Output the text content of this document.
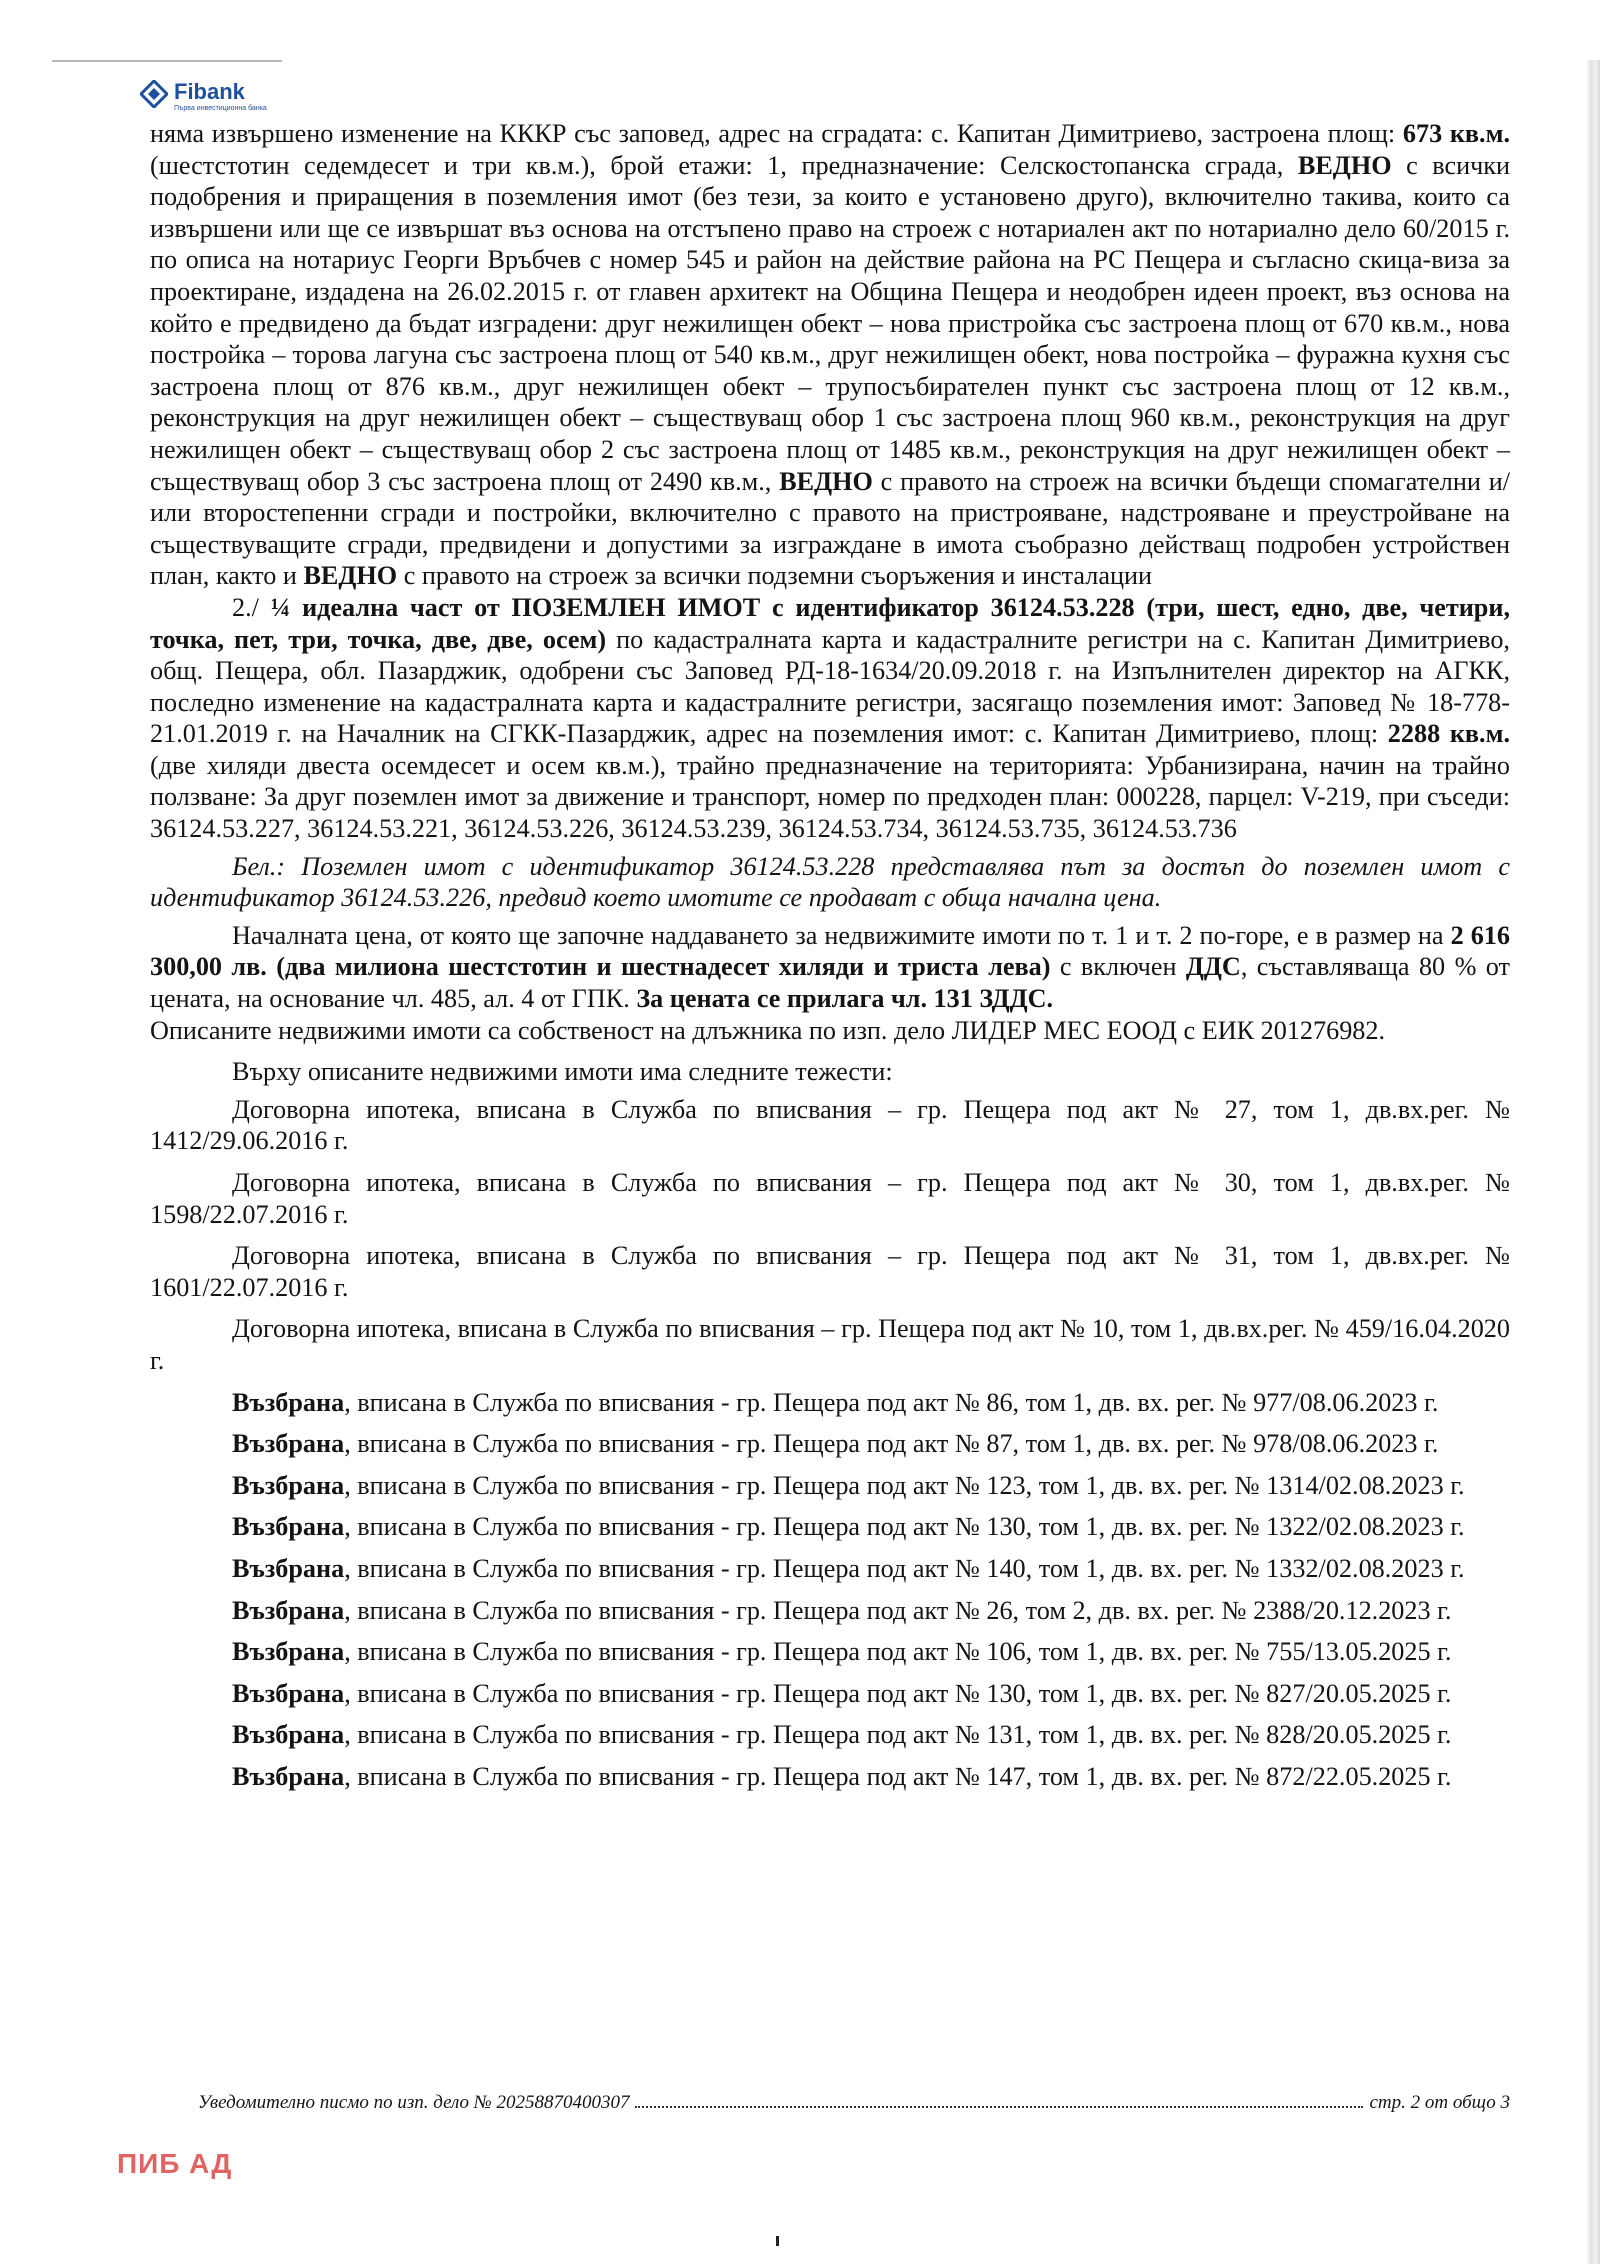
Fibank
Първа инвестиционна банка

няма извършено изменение на КККР със заповед, адрес на сградата: с. Капитан Димитриево, застроена площ: 673 кв.м. (шестстотин седемдесет и три кв.м.), брой етажи: 1, предназначение: Селскостопанска сграда, ВЕДНО с всички подобрения и приращения в поземления имот (без тези, за които е установено друго), включително такива, които са извършени или ще се извършат въз основа на отстъпено право на строеж с нотариален акт по нотариално дело 60/2015 г. по описа на нотариус Георги Връбчев с номер 545 и район на действие района на РС Пещера и съгласно скица-виза за проектиране, издадена на 26.02.2015 г. от главен архитект на Община Пещера и неодобрен идеен проект, въз основа на който е предвидено да бъдат изградени: друг нежилищен обект – нова пристройка със застроена площ от 670 кв.м., нова постройка – торова лагуна със застроена площ от 540 кв.м., друг нежилищен обект, нова постройка – фуражна кухня със застроена площ от 876 кв.м., друг нежилищен обект – трупосъбирателен пункт със застроена площ от 12 кв.м., реконструкция на друг нежилищен обект – съществуващ обор 1 със застроена площ 960 кв.м., реконструкция на друг нежилищен обект – съществуващ обор 2 със застроена площ от 1485 кв.м., реконструкция на друг нежилищен обект – съществуващ обор 3 със застроена площ от 2490 кв.м., ВЕДНО с правото на строеж на всички бъдещи спомагателни и/или второстепенни сгради и постройки, включително с правото на пристрояване, надстрояване и преустройване на съществуващите сгради, предвидени и допустими за изграждане в имота съобразно действащ подробен устройствен план, както и ВЕДНО с правото на строеж за всички подземни съоръжения и инсталации

2./ ¼ идеална част от ПОЗЕМЛЕН ИМОТ с идентификатор 36124.53.228 (три, шест, едно, две, четири, точка, пет, три, точка, две, две, осем) по кадастралната карта и кадастралните регистри на с. Капитан Димитриево, общ. Пещера, обл. Пазарджик, одобрени със Заповед РД-18-1634/20.09.2018 г. на Изпълнителен директор на АГКК, последно изменение на кадастралната карта и кадастралните регистри, засягащо поземления имот: Заповед № 18-778-21.01.2019 г. на Началник на СГКК-Пазарджик, адрес на поземления имот: с. Капитан Димитриево, площ: 2288 кв.м. (две хиляди двеста осемдесет и осем кв.м.), трайно предназначение на територията: Урбанизирана, начин на трайно ползване: За друг поземлен имот за движение и транспорт, номер по предходен план: 000228, парцел: V-219, при съседи: 36124.53.227, 36124.53.221, 36124.53.226, 36124.53.239, 36124.53.734, 36124.53.735, 36124.53.736

Бел.: Поземлен имот с идентификатор 36124.53.228 представлява път за достъп до поземлен имот с идентификатор 36124.53.226, предвид което имотите се продават с обща начална цена.

Началната цена, от която ще започне наддаването за недвижимите имоти по т. 1 и т. 2 по-горе, е в размер на 2 616 300,00 лв. (два милиона шестстотин и шестнадесет хиляди и триста лева) с включен ДДС, съставляваща 80 % от цената, на основание чл. 485, ал. 4 от ГПК. За цената се прилага чл. 131 ЗДДС.

Описаните недвижими имоти са собственост на длъжника по изп. дело ЛИДЕР МЕС ЕООД с ЕИК 201276982.

Върху описаните недвижими имоти има следните тежести:

Договорна ипотека, вписана в Служба по вписвания – гр. Пещера под акт № 27, том 1, дв.вх.рег. № 1412/29.06.2016 г.

Договорна ипотека, вписана в Служба по вписвания – гр. Пещера под акт № 30, том 1, дв.вх.рег. № 1598/22.07.2016 г.

Договорна ипотека, вписана в Служба по вписвания – гр. Пещера под акт № 31, том 1, дв.вх.рег. № 1601/22.07.2016 г.

Договорна ипотека, вписана в Служба по вписвания – гр. Пещера под акт № 10, том 1, дв.вх.рег. № 459/16.04.2020 г.

Възбрана, вписана в Служба по вписвания - гр. Пещера под акт № 86, том 1, дв. вх. рег. № 977/08.06.2023 г.

Възбрана, вписана в Служба по вписвания - гр. Пещера под акт № 87, том 1, дв. вх. рег. № 978/08.06.2023 г.

Възбрана, вписана в Служба по вписвания - гр. Пещера под акт № 123, том 1, дв. вх. рег. № 1314/02.08.2023 г.

Възбрана, вписана в Служба по вписвания - гр. Пещера под акт № 130, том 1, дв. вх. рег. № 1322/02.08.2023 г.

Възбрана, вписана в Служба по вписвания - гр. Пещера под акт № 140, том 1, дв. вх. рег. № 1332/02.08.2023 г.

Възбрана, вписана в Служба по вписвания - гр. Пещера под акт № 26, том 2, дв. вх. рег. № 2388/20.12.2023 г.

Възбрана, вписана в Служба по вписвания - гр. Пещера под акт № 106, том 1, дв. вх. рег. № 755/13.05.2025 г.

Възбрана, вписана в Служба по вписвания - гр. Пещера под акт № 130, том 1, дв. вх. рег. № 827/20.05.2025 г.

Възбрана, вписана в Служба по вписвания - гр. Пещера под акт № 131, том 1, дв. вх. рег. № 828/20.05.2025 г.

Възбрана, вписана в Служба по вписвания - гр. Пещера под акт № 147, том 1, дв. вх. рег. № 872/22.05.2025 г.

Уведомително писмо по изп. дело № 20258870400307	стр. 2 от общо 3
ПИБ АД
